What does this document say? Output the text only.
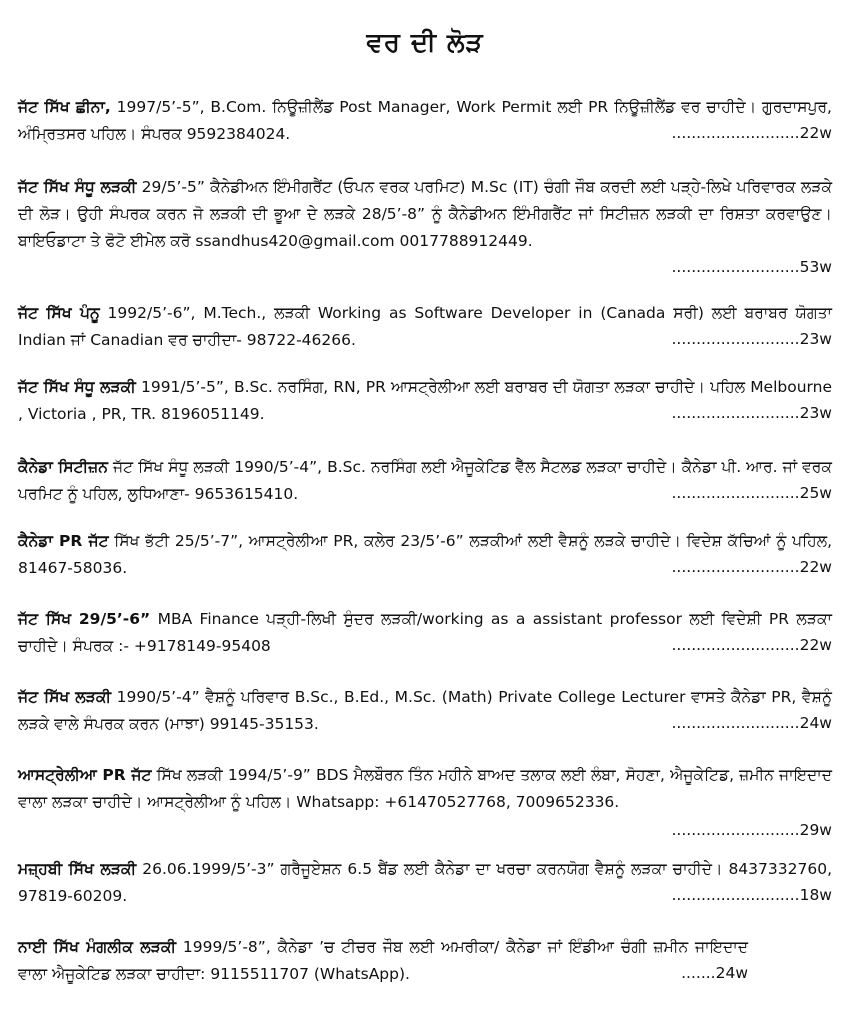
ਵਰ ਦੀ ਲੋੜ
ਜੱਟ ਸਿੱਖ ਛੀਨਾ, 1997/5’-5”, B.Com. ਨਿਊਜ਼ੀਲੈਂਡ Post Manager, Work Permit ਲਈ PR ਨਿਊਜ਼ੀਲੈਂਡ ਵਰ ਚਾਹੀਦੇ। ਗੁਰਦਾਸਪੁਰ, ਅੰਮ੍ਰਿਤਸਰ ਪਹਿਲ। ਸੰਪਰਕ 9592384024.	..........................22w
ਜੱਟ ਸਿੱਖ ਸੰਧੂ ਲੜਕੀ 29/5’-5” ਕੈਨੇਡੀਅਨ ਇੰਮੀਗਰੈਂਟ (ਓਪਨ ਵਰਕ ਪਰਮਿਟ) M.Sc (IT) ਚੰਗੀ ਜੌਬ ਕਰਦੀ ਲਈ ਪੜ੍ਹੇ-ਲਿਖੇ ਪਰਿਵਾਰਕ ਲੜਕੇ ਦੀ ਲੋੜ। ਉਹੀ ਸੰਪਰਕ ਕਰਨ ਜੋ ਲੜਕੀ ਦੀ ਭੂਆ ਦੇ ਲੜਕੇ 28/5’-8” ਨੂੰ ਕੈਨੇਡੀਅਨ ਇੰਮੀਗਰੈਂਟ ਜਾਂ ਸਿਟੀਜ਼ਨ ਲੜਕੀ ਦਾ ਰਿਸ਼ਤਾ ਕਰਵਾਉਣ। ਬਾਇਓਡਾਟਾ ਤੇ ਫੋਟੋ ਈਮੇਲ ਕਰੋ ssandhus420@gmail.com 0017788912449.
..........................53w
ਜੱਟ ਸਿੱਖ ਪੰਨੂ 1992/5’-6”, M.Tech., ਲੜਕੀ Working as Software Developer in (Canada ਸਰੀ) ਲਈ ਬਰਾਬਰ ਯੋਗਤਾ Indian ਜਾਂ Canadian ਵਰ ਚਾਹੀਦਾ- 98722-46266.	..........................23w
ਜੱਟ ਸਿੱਖ ਸੰਧੂ ਲੜਕੀ 1991/5’-5”, B.Sc. ਨਰਸਿੰਗ, RN, PR ਆਸਟ੍ਰੇਲੀਆ ਲਈ ਬਰਾਬਰ ਦੀ ਯੋਗਤਾ ਲੜਕਾ ਚਾਹੀਦੇ। ਪਹਿਲ Melbourne , Victoria , PR, TR. 8196051149.	..........................23w
ਕੈਨੇਡਾ ਸਿਟੀਜ਼ਨ ਜੱਟ ਸਿੱਖ ਸੰਧੂ ਲੜਕੀ 1990/5’-4”, B.Sc. ਨਰਸਿੰਗ ਲਈ ਐਜੂਕੇਟਿਡ ਵੈੱਲ ਸੈਟਲਡ ਲੜਕਾ ਚਾਹੀਦੇ। ਕੈਨੇਡਾ ਪੀ. ਆਰ. ਜਾਂ ਵਰਕ ਪਰਮਿਟ ਨੂੰ ਪਹਿਲ, ਲੁਧਿਆਣਾ- 9653615410.	..........................25w
ਕੈਨੇਡਾ PR ਜੱਟ ਸਿੱਖ ਭੱਟੀ 25/5’-7”, ਆਸਟ੍ਰੇਲੀਆ PR, ਕਲੇਰ 23/5’-6” ਲੜਕੀਆਂ ਲਈ ਵੈਸ਼ਨੂੰ ਲੜਕੇ ਚਾਹੀਦੇ। ਵਿਦੇਸ਼ ਕੱਚਿਆਂ ਨੂੰ ਪਹਿਲ, 81467-58036.	..........................22w
ਜੱਟ ਸਿੱਖ 29/5’-6” MBA Finance ਪੜ੍ਹੀ-ਲਿਖੀ ਸੁੰਦਰ ਲੜਕੀ/working as a assistant professor ਲਈ ਵਿਦੇਸ਼ੀ PR ਲੜਕਾ ਚਾਹੀਦੇ। ਸੰਪਰਕ :- +9178149-95408	..........................22w
ਜੱਟ ਸਿੱਖ ਲੜਕੀ 1990/5’-4” ਵੈਸ਼ਨੂੰ ਪਰਿਵਾਰ B.Sc., B.Ed., M.Sc. (Math) Private College Lecturer ਵਾਸਤੇ ਕੈਨੇਡਾ PR, ਵੈਸ਼ਨੂੰ ਲੜਕੇ ਵਾਲੇ ਸੰਪਰਕ ਕਰਨ (ਮਾਝਾ) 99145-35153.	..........................24w
ਆਸਟ੍ਰੇਲੀਆ PR ਜੱਟ ਸਿੱਖ ਲੜਕੀ 1994/5’-9” BDS ਮੈਲਬੌਰਨ ਤਿੰਨ ਮਹੀਨੇ ਬਾਅਦ ਤਲਾਕ ਲਈ ਲੰਬਾ, ਸੋਹਣਾ, ਐਜੂਕੇਟਿਡ, ਜ਼ਮੀਨ ਜਾਇਦਾਦ ਵਾਲਾ ਲੜਕਾ ਚਾਹੀਦੇ। ਆਸਟ੍ਰੇਲੀਆ ਨੂੰ ਪਹਿਲ। Whatsapp: +61470527768, 7009652336.
..........................29w
ਮਜ਼੍ਹਬੀ ਸਿੱਖ ਲੜਕੀ 26.06.1999/5’-3” ਗਰੈਜੂਏਸ਼ਨ 6.5 ਬੈਂਡ ਲਈ ਕੈਨੇਡਾ ਦਾ ਖਰਚਾ ਕਰਨਯੋਗ ਵੈਸ਼ਨੂੰ ਲੜਕਾ ਚਾਹੀਦੇ। 8437332760, 97819-60209.	..........................18w
ਨਾਈ ਸਿੱਖ ਮੰਗਲੀਕ ਲੜਕੀ 1999/5’-8”, ਕੈਨੇਡਾ ’ਚ ਟੀਚਰ ਜੌਬ ਲਈ ਅਮਰੀਕਾ/ ਕੈਨੇਡਾ ਜਾਂ ਇੰਡੀਆ ਚੰਗੀ ਜ਼ਮੀਨ ਜਾਇਦਾਦ ਵਾਲਾ ਐਜੂਕੇਟਿਡ ਲੜਕਾ ਚਾਹੀਦਾ: 9115511707 (WhatsApp).	.......24w
